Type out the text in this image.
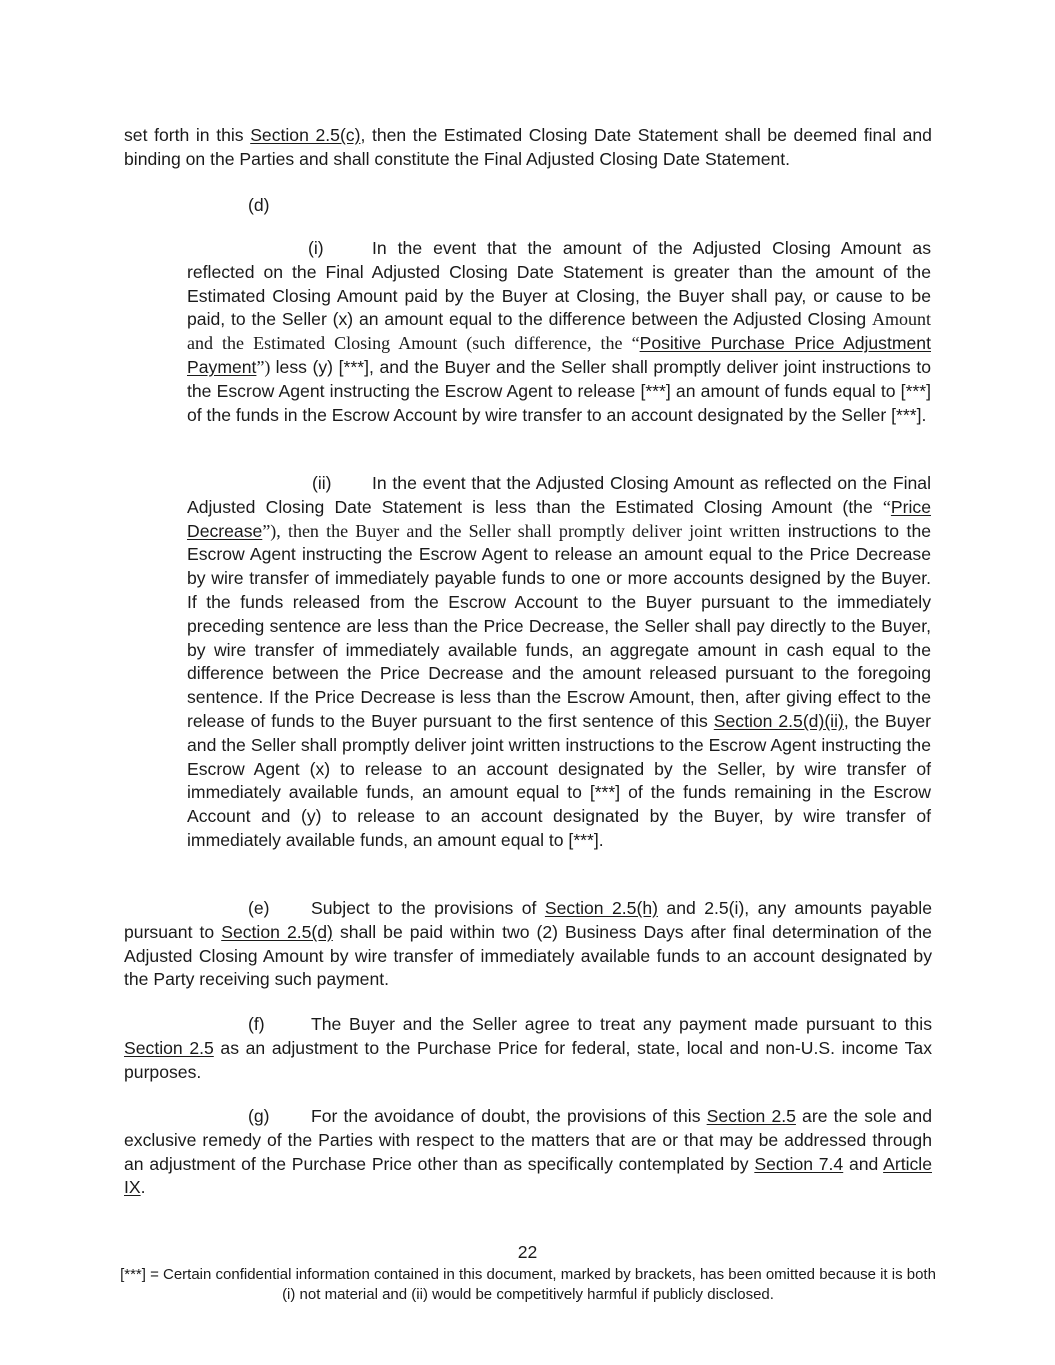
set forth in this Section 2.5(c), then the Estimated Closing Date Statement shall be deemed final and binding on the Parties and shall constitute the Final Adjusted Closing Date Statement.

(d)

(i)	In the event that the amount of the Adjusted Closing Amount as reflected on the Final Adjusted Closing Date Statement is greater than the amount of the Estimated Closing Amount paid by the Buyer at Closing, the Buyer shall pay, or cause to be paid, to the Seller (x) an amount equal to the difference between the Adjusted Closing Amount and the Estimated Closing Amount (such difference, the “Positive Purchase Price Adjustment Payment”) less (y) [***], and the Buyer and the Seller shall promptly deliver joint instructions to the Escrow Agent instructing the Escrow Agent to release [***] an amount of funds equal to [***] of the funds in the Escrow Account by wire transfer to an account designated by the Seller [***].

(ii) In the event that the Adjusted Closing Amount as reflected on the Final Adjusted Closing Date Statement is less than the Estimated Closing Amount (the “Price Decrease”), then the Buyer and the Seller shall promptly deliver joint written instructions to the Escrow Agent instructing the Escrow Agent to release an amount equal to the Price Decrease by wire transfer of immediately payable funds to one or more accounts designed by the Buyer. If the funds released from the Escrow Account to the Buyer pursuant to the immediately preceding sentence are less than the Price Decrease, the Seller shall pay directly to the Buyer, by wire transfer of immediately available funds, an aggregate amount in cash equal to the difference between the Price Decrease and the amount released pursuant to the foregoing sentence. If the Price Decrease is less than the Escrow Amount, then, after giving effect to the release of funds to the Buyer pursuant to the first sentence of this Section 2.5(d)(ii), the Buyer and the Seller shall promptly deliver joint written instructions to the Escrow Agent instructing the Escrow Agent (x) to release to an account designated by the Seller, by wire transfer of immediately available funds, an amount equal to [***] of the funds remaining in the Escrow Account and (y) to release to an account designated by the Buyer, by wire transfer of immediately available funds, an amount equal to [***].

(e) Subject to the provisions of Section 2.5(h) and 2.5(i), any amounts payable pursuant to Section 2.5(d) shall be paid within two (2) Business Days after final determination of the Adjusted Closing Amount by wire transfer of immediately available funds to an account designated by the Party receiving such payment.

(f)	The Buyer and the Seller agree to treat any payment made pursuant to this Section 2.5 as an adjustment to the Purchase Price for federal, state, local and non-U.S. income Tax purposes.

(g) For the avoidance of doubt, the provisions of this Section 2.5 are the sole and exclusive remedy of the Parties with respect to the matters that are or that may be addressed through an adjustment of the Purchase Price other than as specifically contemplated by Section 7.4 and Article IX.

22
[***] = Certain confidential information contained in this document, marked by brackets, has been omitted because it is both (i) not material and (ii) would be competitively harmful if publicly disclosed.
